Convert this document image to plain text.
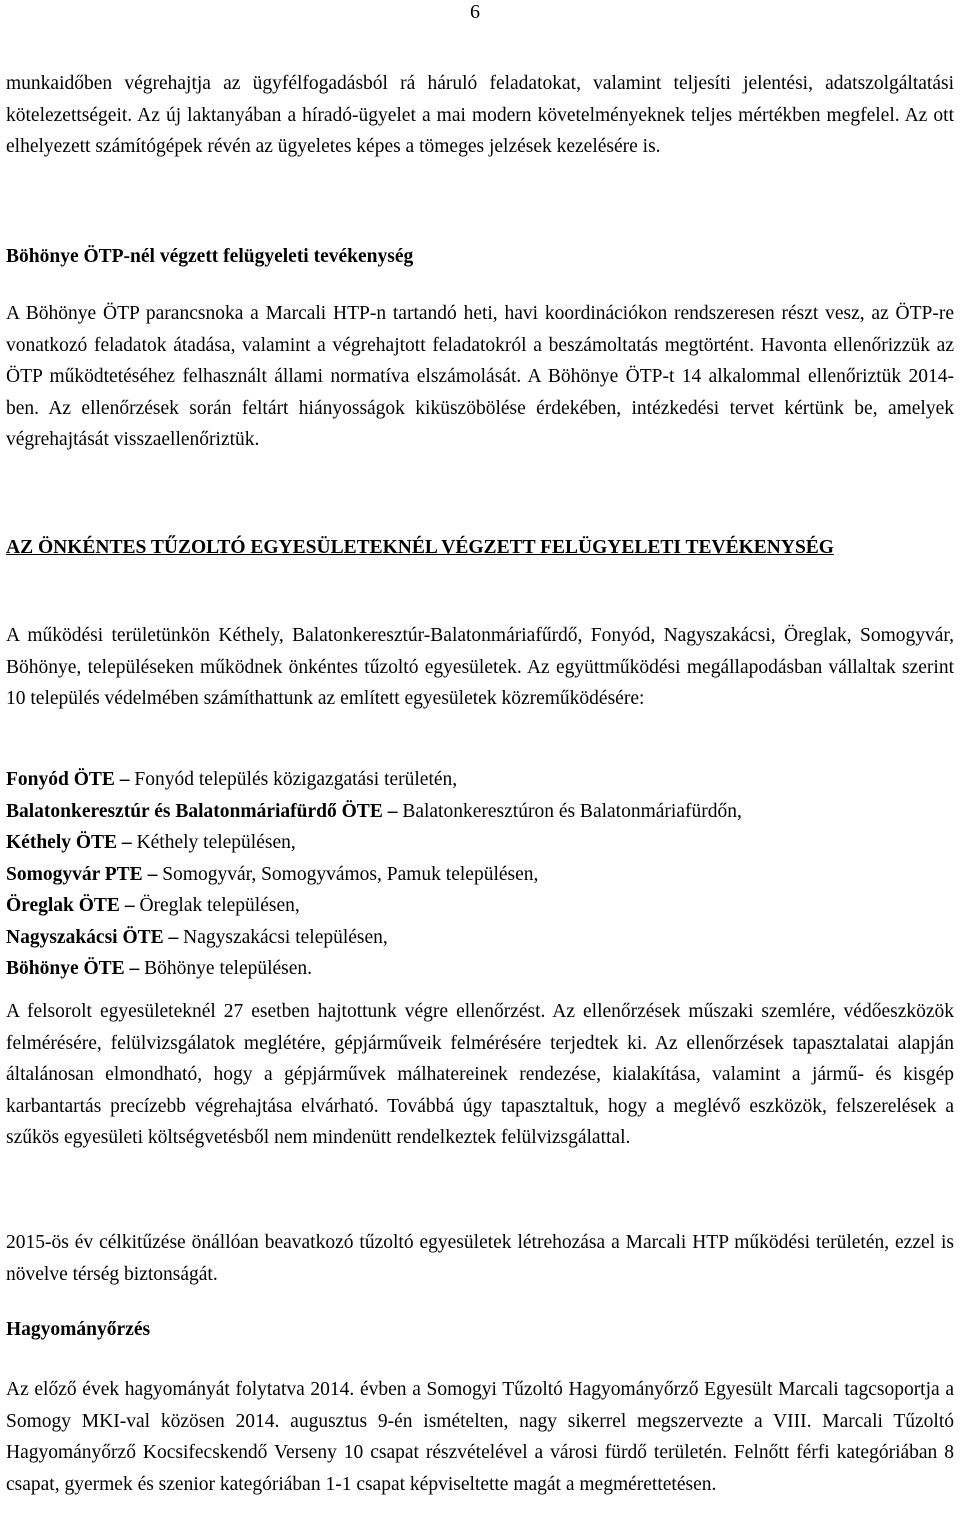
6

munkaidőben végrehajtja az ügyfélfogadásból rá háruló feladatokat, valamint teljesíti jelentési, adatszolgáltatási kötelezettségeit. Az új laktanyában a híradó-ügyelet a mai modern követelményeknek teljes mértékben megfelel. Az ott elhelyezett számítógépek révén az ügyeletes képes a tömeges jelzések kezelésére is.

Böhönye ÖTP-nél végzett felügyeleti tevékenység

A Böhönye ÖTP parancsnoka a Marcali HTP-n tartandó heti, havi koordinációkon rendszeresen részt vesz, az ÖTP-re vonatkozó feladatok átadása, valamint a végrehajtott feladatokról a beszámoltatás megtörtént. Havonta ellenőrizzük az ÖTP működtetéséhez felhasznált állami normatíva elszámolását. A Böhönye ÖTP-t 14 alkalommal ellenőriztük 2014-ben. Az ellenőrzések során feltárt hiányosságok kiküszöbölése érdekében, intézkedési tervet kértünk be, amelyek végrehajtását visszaellenőriztük.

AZ ÖNKÉNTES TŰZOLTÓ EGYESÜLETEKNÉL VÉGZETT FELÜGYELETI TEVÉKENYSÉG

A működési területünkön Kéthely, Balatonkeresztúr-Balatonmáriafűrdő, Fonyód, Nagyszakácsi, Öreglak, Somogyvár, Böhönye, településeken működnek önkéntes tűzoltó egyesületek. Az együttműködési megállapodásban vállaltak szerint 10 település védelmében számíthattunk az említett egyesületek közreműködésére:

Fonyód ÖTE – Fonyód település közigazgatási területén,
Balatonkeresztúr és Balatonmáriafürdő ÖTE – Balatonkeresztúron és Balatonmáriafürdőn,
Kéthely ÖTE – Kéthely településen,
Somogyvár PTE – Somogyvár, Somogyvámos, Pamuk településen,
Öreglak ÖTE – Öreglak településen,
Nagyszakácsi ÖTE – Nagyszakácsi településen,
Böhönye ÖTE – Böhönye településen.

A felsorolt egyesületeknél 27 esetben hajtottunk végre ellenőrzést. Az ellenőrzések műszaki szemlére, védőeszközök felmérésére, felülvizsgálatok meglétére, gépjárműveik felmérésére terjedtek ki. Az ellenőrzések tapasztalatai alapján általánosan elmondható, hogy a gépjárművek málhatereinek rendezése, kialakítása, valamint a jármű- és kisgép karbantartás precízebb végrehajtása elvárható. Továbbá úgy tapasztaltuk, hogy a meglévő eszközök, felszerelések a szűkös egyesületi költségvetésből nem mindenütt rendelkeztek felülvizsgálattal.

2015-ös év célkitűzése önállóan beavatkozó tűzoltó egyesületek létrehozása a Marcali HTP működési területén, ezzel is növelve térség biztonságát.

Hagyományőrzés

Az előző évek hagyományát folytatva 2014. évben a Somogyi Tűzoltó Hagyományőrző Egyesült Marcali tagcsoportja a Somogy MKI-val közösen 2014. augusztus 9-én ismételten, nagy sikerrel megszervezte a VIII. Marcali Tűzoltó Hagyományőrző Kocsifecskendő Verseny 10 csapat részvételével a városi fürdő területén. Felnőtt férfi kategóriában 8 csapat, gyermek és szenior kategóriában 1-1 csapat képviseltette magát a megmérettetésen.
